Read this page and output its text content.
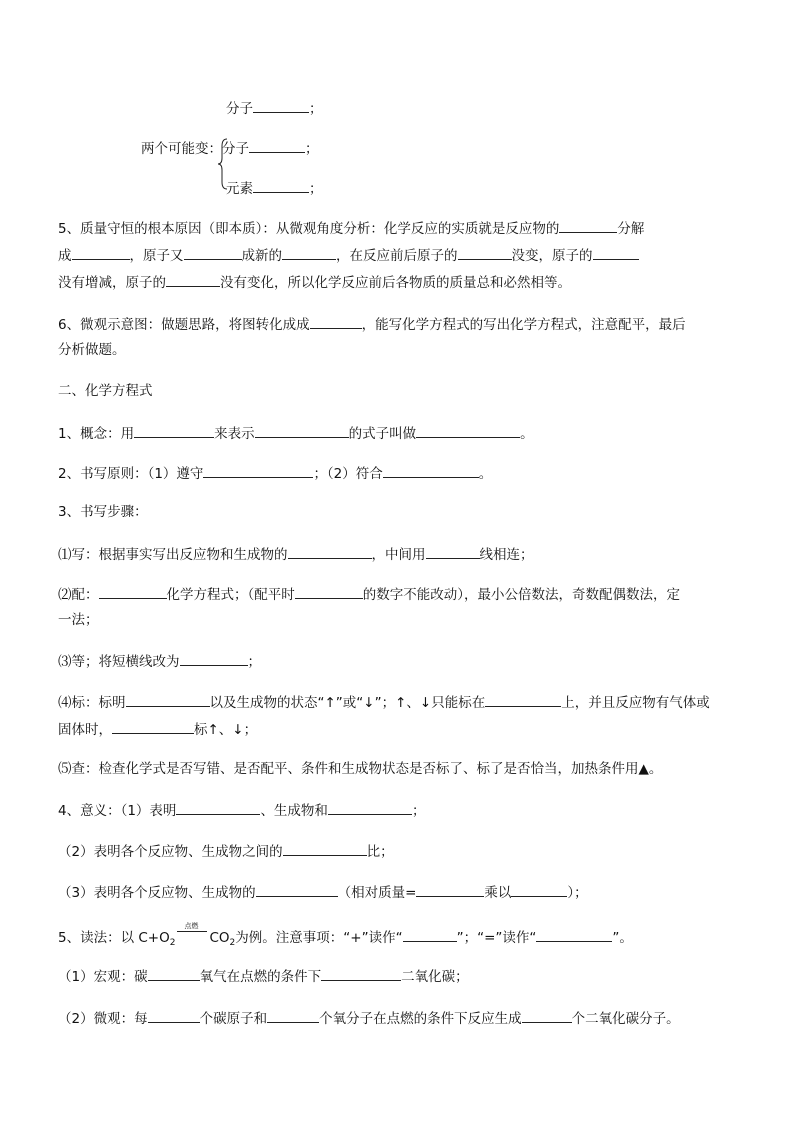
分子	；
两个可能变：分子	；
元素	；
5、质量守恒的根本原因（即本质）：从微观角度分析：化学反应的实质就是反应物的	分解
成	，原子又	成新的	，在反应前后原子的	没变，原子的
没有增减，原子的	没有变化，所以化学反应前后各物质的质量总和必然相等。
6、微观示意图：做题思路，将图转化成成	，能写化学方程式的写出化学方程式，注意配平，最后
分析做题。
二、化学方程式
1、概念：用	来表示	的式子叫做	。
2、书写原则：（1）遵守	；（2）符合	。
3、书写步骤：
⑴写：根据事实写出反应物和生成物的	，中间用	线相连；
⑵配：	化学方程式；（配平时	的数字不能改动），最小公倍数法，奇数配偶数法，定
一法；
⑶等；将短横线改为	；
⑷标：标明	以及生成物的状态“↑”或“↓”；↑、↓只能标在	上，并且反应物有气体或
固体时，	标↑、↓；
⑸查：检查化学式是否写错、是否配平、条件和生成物状态是否标了、标了是否恰当，加热条件用▲。
4、意义：（1）表明	、生成物和	；
（2）表明各个反应物、生成物之间的	比；
（3）表明各个反应物、生成物的	（相对质量=	乘以	）；
5、读法：以 $C+O_2$
点燃
$CO_2$为例。注意事项：“+”读作“	”；“=”读作“	”。
（1）宏观：碳	氧气在点燃的条件下	二氧化碳；
（2）微观：每	个碳原子和	个氧分子在点燃的条件下反应生成	个二氧化碳分子。
